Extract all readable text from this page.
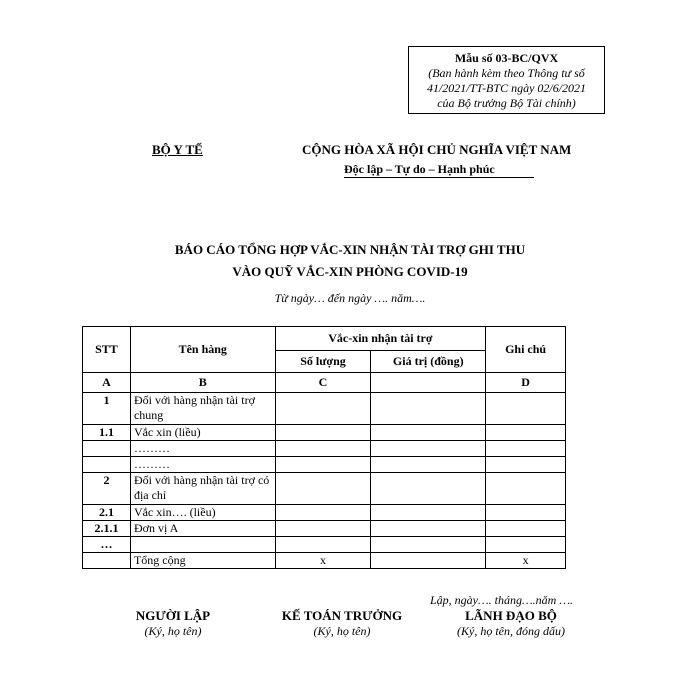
Mẫu số 03-BC/QVX
(Ban hành kèm theo Thông tư số
41/2021/TT-BTC ngày 02/6/2021
của Bộ trưởng Bộ Tài chính)
BỘ Y TẾ	CỘNG HÒA XÃ HỘI CHỦ NGHĨA VIỆT NAM
Độc lập – Tự do – Hạnh phúc
BÁO CÁO TỔNG HỢP VẮC-XIN NHẬN TÀI TRỢ GHI THU
VÀO QUỸ VẮC-XIN PHÒNG COVID-19
Từ ngày… đến ngày …. năm….
STT	Tên hàng	Vắc-xin nhận tài trợ		Ghi chú
		Số lượng	Giá trị (đồng)	
A	B	C		D
1	Đối với hàng nhận tài trợ chung			
1.1	Vắc xin (liều)			
	………			
	………			
2	Đối với hàng nhận tài trợ có địa chỉ			
2.1	Vắc xin…. (liều)			
2.1.1	Đơn vị A			
…				
	Tổng cộng	x		x
Lập, ngày…. tháng….năm ….
NGƯỜI LẬP
(Ký, họ tên)
KẾ TOÁN TRƯỞNG
(Ký, họ tên)
LÃNH ĐẠO BỘ
(Ký, họ tên, đóng dấu)
